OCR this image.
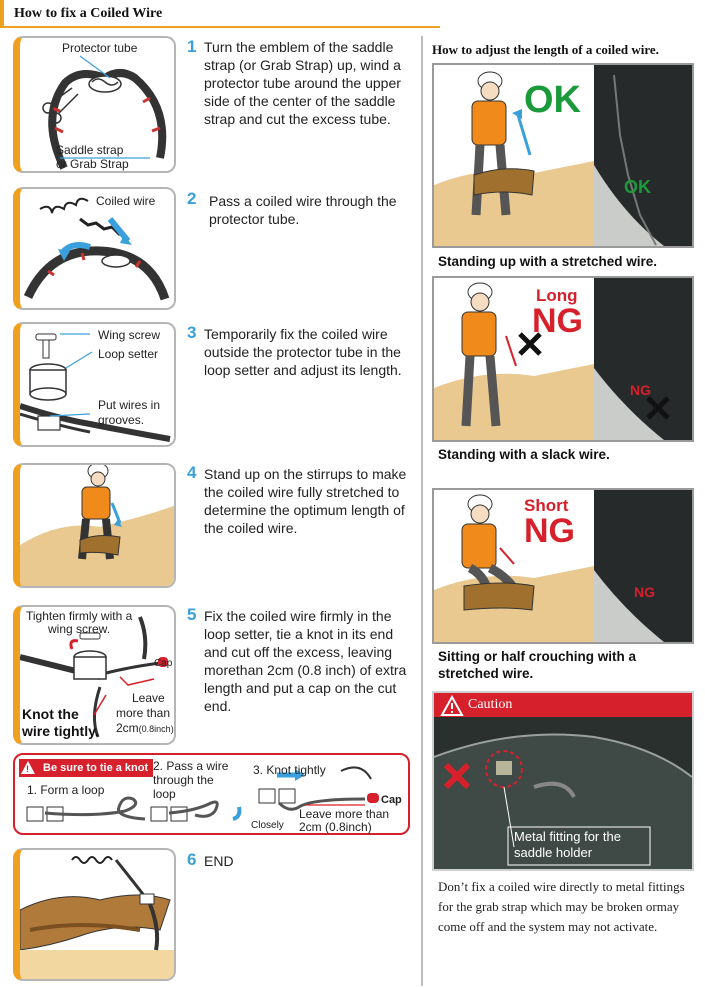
How to fix a Coiled Wire
Protector tube
Saddle strap
or Grab Strap
1 Turn the emblem of the saddle strap (or Grab Strap) up, wind a protector tube around the upper side of the center of the saddle strap and cut the excess tube.
Coiled wire 2 Pass a coiled wire through the protector tube.
Wing screw
Loop setter
Put wires in
grooves.
3 Temporarily fix the coiled wire outside the protector tube in the loop setter and adjust its length.
4 Stand up on the stirrups to make the coiled wire fully stretched to determine the optimum length of the coiled wire.
Tighten firmly with a
wing screw.
Cap
Leave
more than
2cm(0.8inch)
Knot the
wire tightly.
5 Fix the coiled wire firmly in the loop setter, tie a knot in its end and cut off the excess, leaving morethan 2cm (0.8 inch) of extra length and put a cap on the cut end.
Be sure to tie a knot
!
1. Form a loop
2. Pass a wire
through the
loop
3. Knot tightly
Cap
Closely
Leave more than
2cm (0.8inch)
6 END
How to adjust the length of a coiled wire.
OK
OK
Standing up with a stretched wire.
Long
NG
NG
Standing with a slack wire.
Short
NG
NG
Sitting or half crouching with a
stretched wire.
Caution
Metal fitting for the
saddle holder
Don’t fix a coiled wire directly to metal fittings for the grab strap which may be broken ormay come off and the system may not activate.
